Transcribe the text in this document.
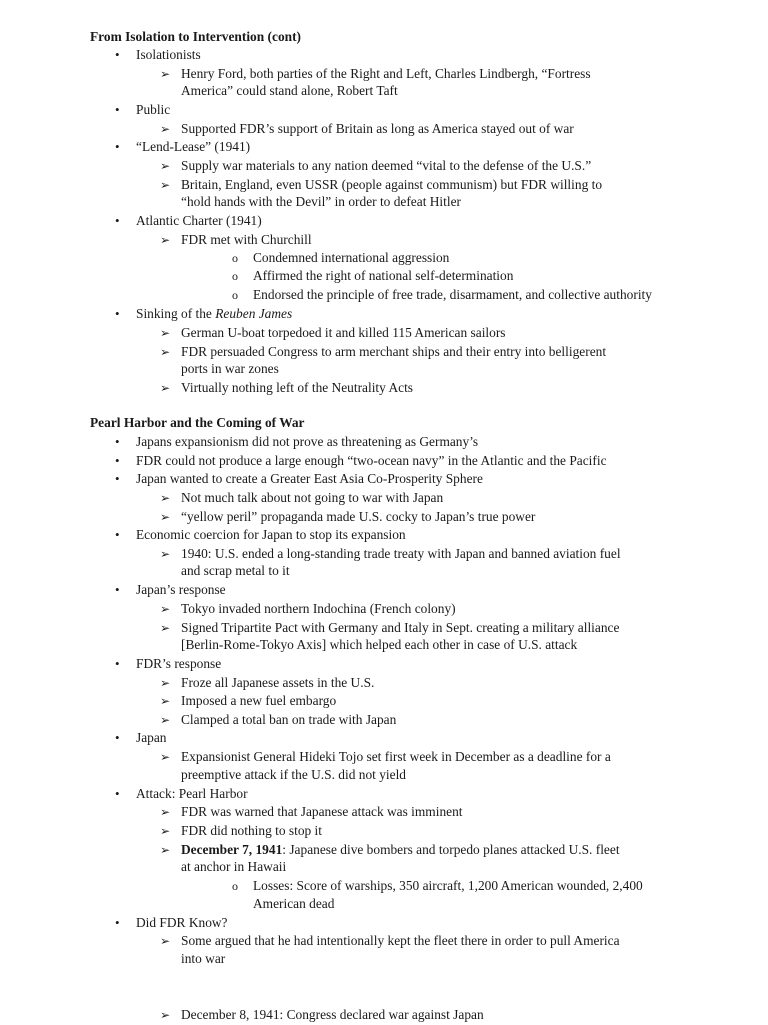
From Isolation to Intervention (cont)
• Isolationists
➢ Henry Ford, both parties of the Right and Left, Charles Lindbergh, “Fortress
America” could stand alone, Robert Taft
• Public
➢ Supported FDR’s support of Britain as long as America stayed out of war
• “Lend-Lease” (1941)
➢ Supply war materials to any nation deemed “vital to the defense of the U.S.”
➢ Britain, England, even USSR (people against communism) but FDR willing to
“hold hands with the Devil” in order to defeat Hitler
• Atlantic Charter (1941)
➢ FDR met with Churchill
o Condemned international aggression
o Affirmed the right of national self-determination
o Endorsed the principle of free trade, disarmament, and collective authority
• Sinking of the Reuben James
➢ German U-boat torpedoed it and killed 115 American sailors
➢ FDR persuaded Congress to arm merchant ships and their entry into belligerent
ports in war zones
➢ Virtually nothing left of the Neutrality Acts
Pearl Harbor and the Coming of War
• Japans expansionism did not prove as threatening as Germany’s
• FDR could not produce a large enough “two-ocean navy” in the Atlantic and the Pacific
• Japan wanted to create a Greater East Asia Co-Prosperity Sphere
➢ Not much talk about not going to war with Japan
➢ “yellow peril” propaganda made U.S. cocky to Japan’s true power
• Economic coercion for Japan to stop its expansion
➢ 1940: U.S. ended a long-standing trade treaty with Japan and banned aviation fuel
and scrap metal to it
• Japan’s response
➢ Tokyo invaded northern Indochina (French colony)
➢ Signed Tripartite Pact with Germany and Italy in Sept. creating a military alliance
[Berlin-Rome-Tokyo Axis] which helped each other in case of U.S. attack
• FDR’s response
➢ Froze all Japanese assets in the U.S.
➢ Imposed a new fuel embargo
➢ Clamped a total ban on trade with Japan
• Japan
➢ Expansionist General Hideki Tojo set first week in December as a deadline for a
preemptive attack if the U.S. did not yield
• Attack: Pearl Harbor
➢ FDR was warned that Japanese attack was imminent
➢ FDR did nothing to stop it
➢ December 7, 1941: Japanese dive bombers and torpedo planes attacked U.S. fleet
at anchor in Hawaii
o Losses: Score of warships, 350 aircraft, 1,200 American wounded, 2,400
American dead
• Did FDR Know?
➢ Some argued that he had intentionally kept the fleet there in order to pull America
into war
➢ December 8, 1941: Congress declared war against Japan
